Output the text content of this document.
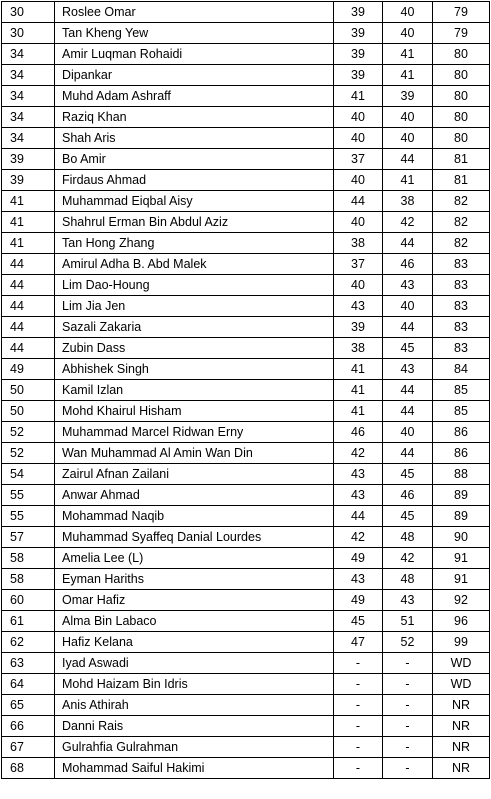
30	Roslee Omar	39	40	79
30	Tan Kheng Yew	39	40	79
34	Amir Luqman Rohaidi	39	41	80
34	Dipankar	39	41	80
34	Muhd Adam Ashraff	41	39	80
34	Raziq Khan	40	40	80
34	Shah Aris	40	40	80
39	Bo Amir	37	44	81
39	Firdaus Ahmad	40	41	81
41	Muhammad Eiqbal Aisy	44	38	82
41	Shahrul Erman Bin Abdul Aziz	40	42	82
41	Tan Hong Zhang	38	44	82
44	Amirul Adha B. Abd Malek	37	46	83
44	Lim Dao-Houng	40	43	83
44	Lim Jia Jen	43	40	83
44	Sazali Zakaria	39	44	83
44	Zubin Dass	38	45	83
49	Abhishek Singh	41	43	84
50	Kamil Izlan	41	44	85
50	Mohd Khairul Hisham	41	44	85
52	Muhammad Marcel Ridwan Erny	46	40	86
52	Wan Muhammad Al Amin Wan Din	42	44	86
54	Zairul Afnan Zailani	43	45	88
55	Anwar Ahmad	43	46	89
55	Mohammad Naqib	44	45	89
57	Muhammad Syaffeq Danial Lourdes	42	48	90
58	Amelia Lee (L)	49	42	91
58	Eyman Hariths	43	48	91
60	Omar Hafiz	49	43	92
61	Alma Bin Labaco	45	51	96
62	Hafiz Kelana	47	52	99
63	Iyad Aswadi	-	-	WD
64	Mohd Haizam Bin Idris	-	-	WD
65	Anis Athirah	-	-	NR
66	Danni Rais	-	-	NR
67	Gulrahfia Gulrahman	-	-	NR
68	Mohammad Saiful Hakimi	-	-	NR
